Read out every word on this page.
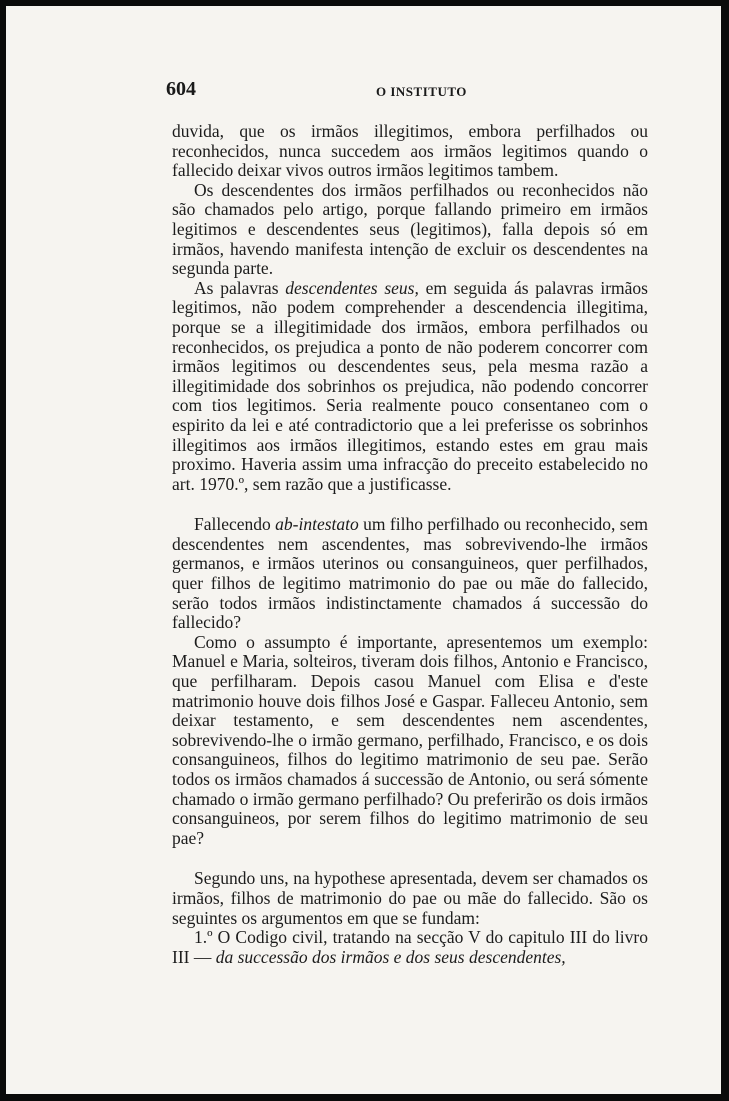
604	O INSTITUTO

duvida, que os irmãos illegitimos, embora perfilhados ou reconhecidos, nunca succedem aos irmãos legitimos quando o fallecido deixar vivos outros irmãos legitimos tambem.

Os descendentes dos irmãos perfilhados ou reconhecidos não são chamados pelo artigo, porque fallando primeiro em irmãos legitimos e descendentes seus (legitimos), falla depois só em irmãos, havendo manifesta intenção de excluir os descendentes na segunda parte.

As palavras descendentes seus, em seguida ás palavras irmãos legitimos, não podem comprehender a descendencia illegitima, porque se a illegitimidade dos irmãos, embora perfilhados ou reconhecidos, os prejudica a ponto de não poderem concorrer com irmãos legitimos ou descendentes seus, pela mesma razão a illegitimidade dos sobrinhos os prejudica, não podendo concorrer com tios legitimos. Seria realmente pouco consentaneo com o espirito da lei e até contradictorio que a lei preferisse os sobrinhos illegitimos aos irmãos illegitimos, estando estes em grau mais proximo. Haveria assim uma infracção do preceito estabelecido no art. 1970.º, sem razão que a justificasse.

Fallecendo ab-intestato um filho perfilhado ou reconhecido, sem descendentes nem ascendentes, mas sobrevivendo-lhe irmãos germanos, e irmãos uterinos ou consanguineos, quer perfilhados, quer filhos de legitimo matrimonio do pae ou mãe do fallecido, serão todos irmãos indistinctamente chamados á successão do fallecido?

Como o assumpto é importante, apresentemos um exemplo: Manuel e Maria, solteiros, tiveram dois filhos, Antonio e Francisco, que perfilharam. Depois casou Manuel com Elisa e d'este matrimonio houve dois filhos José e Gaspar. Falleceu Antonio, sem deixar testamento, e sem descendentes nem ascendentes, sobrevivendo-lhe o irmão germano, perfilhado, Francisco, e os dois consanguineos, filhos do legitimo matrimonio de seu pae. Serão todos os irmãos chamados á successão de Antonio, ou será sómente chamado o irmão germano perfilhado? Ou preferirão os dois irmãos consanguineos, por serem filhos do legitimo matrimonio de seu pae?

Segundo uns, na hypothese apresentada, devem ser chamados os irmãos, filhos de matrimonio do pae ou mãe do fallecido. São os seguintes os argumentos em que se fundam:

1.º O Codigo civil, tratando na secção V do capitulo III do livro III — da successão dos irmãos e dos seus descendentes,
